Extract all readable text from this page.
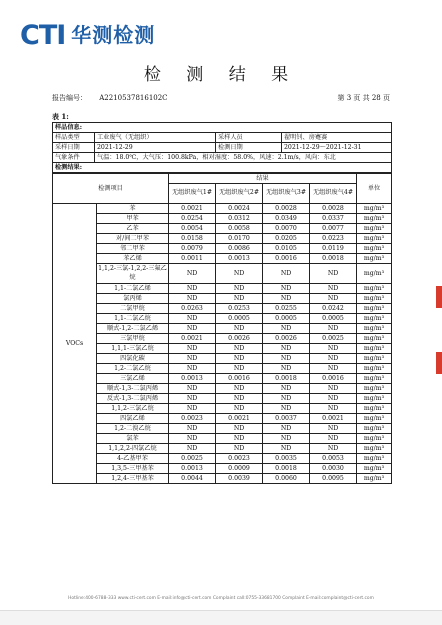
CTI 华测检测
检 测 结 果
报告编号： A2210537816102C	第 3 页 共 28 页
表 1:
样品信息:			
样品类型	工业废气（无组织）	采样人员	翟明钊、房蹇赛
采样日期	2021-12-29	检测日期	2021-12-29～2021-12-31
气象条件	气温：18.0℃，大气压：100.8kPa，相对湿度：58.0%，风速：2.1m/s，风向：东北		
检测结果:			
检测项目		结果				单位
		无组织废气1#	无组织废气2#	无组织废气3#	无组织废气4#	
VOCs	苯	0.0021	0.0024	0.0028	0.0028	mg/m³
	甲苯	0.0254	0.0312	0.0349	0.0337	mg/m³
	乙苯	0.0054	0.0058	0.0070	0.0077	mg/m³
	对/间二甲苯	0.0158	0.0170	0.0205	0.0223	mg/m³
	邻二甲苯	0.0079	0.0086	0.0105	0.0119	mg/m³
	苯乙烯	0.0011	0.0013	0.0016	0.0018	mg/m³
	1,1,2-三氯-1,2,2-三氟乙烷	ND	ND	ND	ND	mg/m³
	1,1-二氯乙烯	ND	ND	ND	ND	mg/m³
	氯丙烯	ND	ND	ND	ND	mg/m³
	二氯甲烷	0.0263	0.0253	0.0255	0.0242	mg/m³
	1,1-二氯乙烷	ND	0.0005	0.0005	0.0005	mg/m³
	顺式-1,2-二氯乙烯	ND	ND	ND	ND	mg/m³
	三氯甲烷	0.0021	0.0026	0.0026	0.0025	mg/m³
	1,1,1-三氯乙烷	ND	ND	ND	ND	mg/m³
	四氯化碳	ND	ND	ND	ND	mg/m³
	1,2-二氯乙烷	ND	ND	ND	ND	mg/m³
	三氯乙烯	0.0013	0.0016	0.0018	0.0016	mg/m³
	顺式-1,3-二氯丙烯	ND	ND	ND	ND	mg/m³
	反式-1,3-二氯丙烯	ND	ND	ND	ND	mg/m³
	1,1,2-三氯乙烷	ND	ND	ND	ND	mg/m³
	四氯乙烯	0.0023	0.0021	0.0037	0.0021	mg/m³
	1,2-二溴乙烷	ND	ND	ND	ND	mg/m³
	氯苯	ND	ND	ND	ND	mg/m³
	1,1,2,2-四氯乙烷	ND	ND	ND	ND	mg/m³
	4-乙基甲苯	0.0025	0.0023	0.0035	0.0053	mg/m³
	1,3,5-三甲基苯	0.0013	0.0009	0.0018	0.0030	mg/m³
	1,2,4-三甲基苯	0.0044	0.0039	0.0060	0.0095	mg/m³
Hotline:400-6788-333 www.cti-cert.com E-mail:info@cti-cert.com Complaint call:0755-33681700 Complaint E-mail:complaint@cti-cert.com
